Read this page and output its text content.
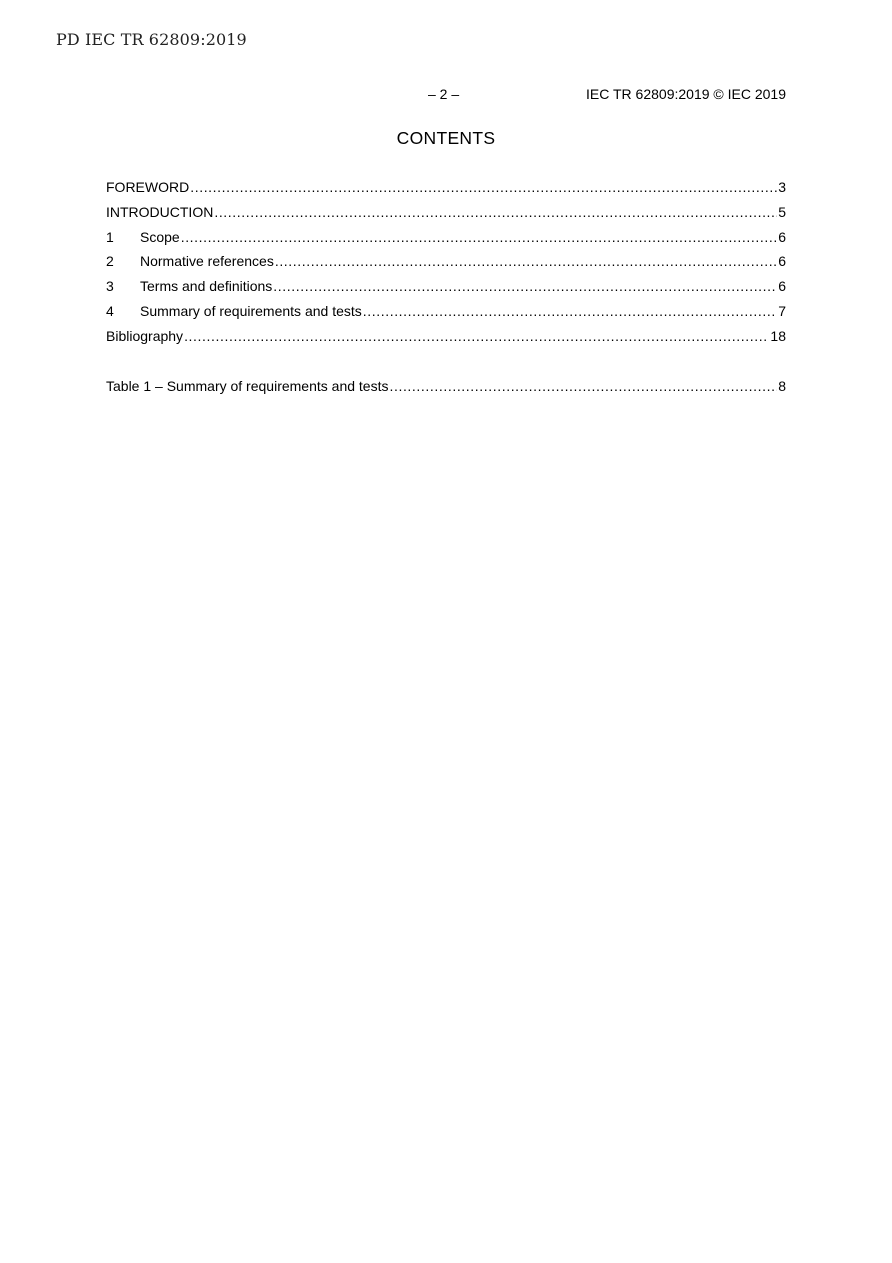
PD IEC TR 62809:2019
– 2 –	IEC TR 62809:2019 © IEC 2019
CONTENTS
FOREWORD .....	3
INTRODUCTION .....	5
1	Scope .....	6
2	Normative references .....	6
3	Terms and definitions .....	6
4	Summary of requirements and tests .....	7
Bibliography .....	18
Table 1 – Summary of requirements and tests .....	8
